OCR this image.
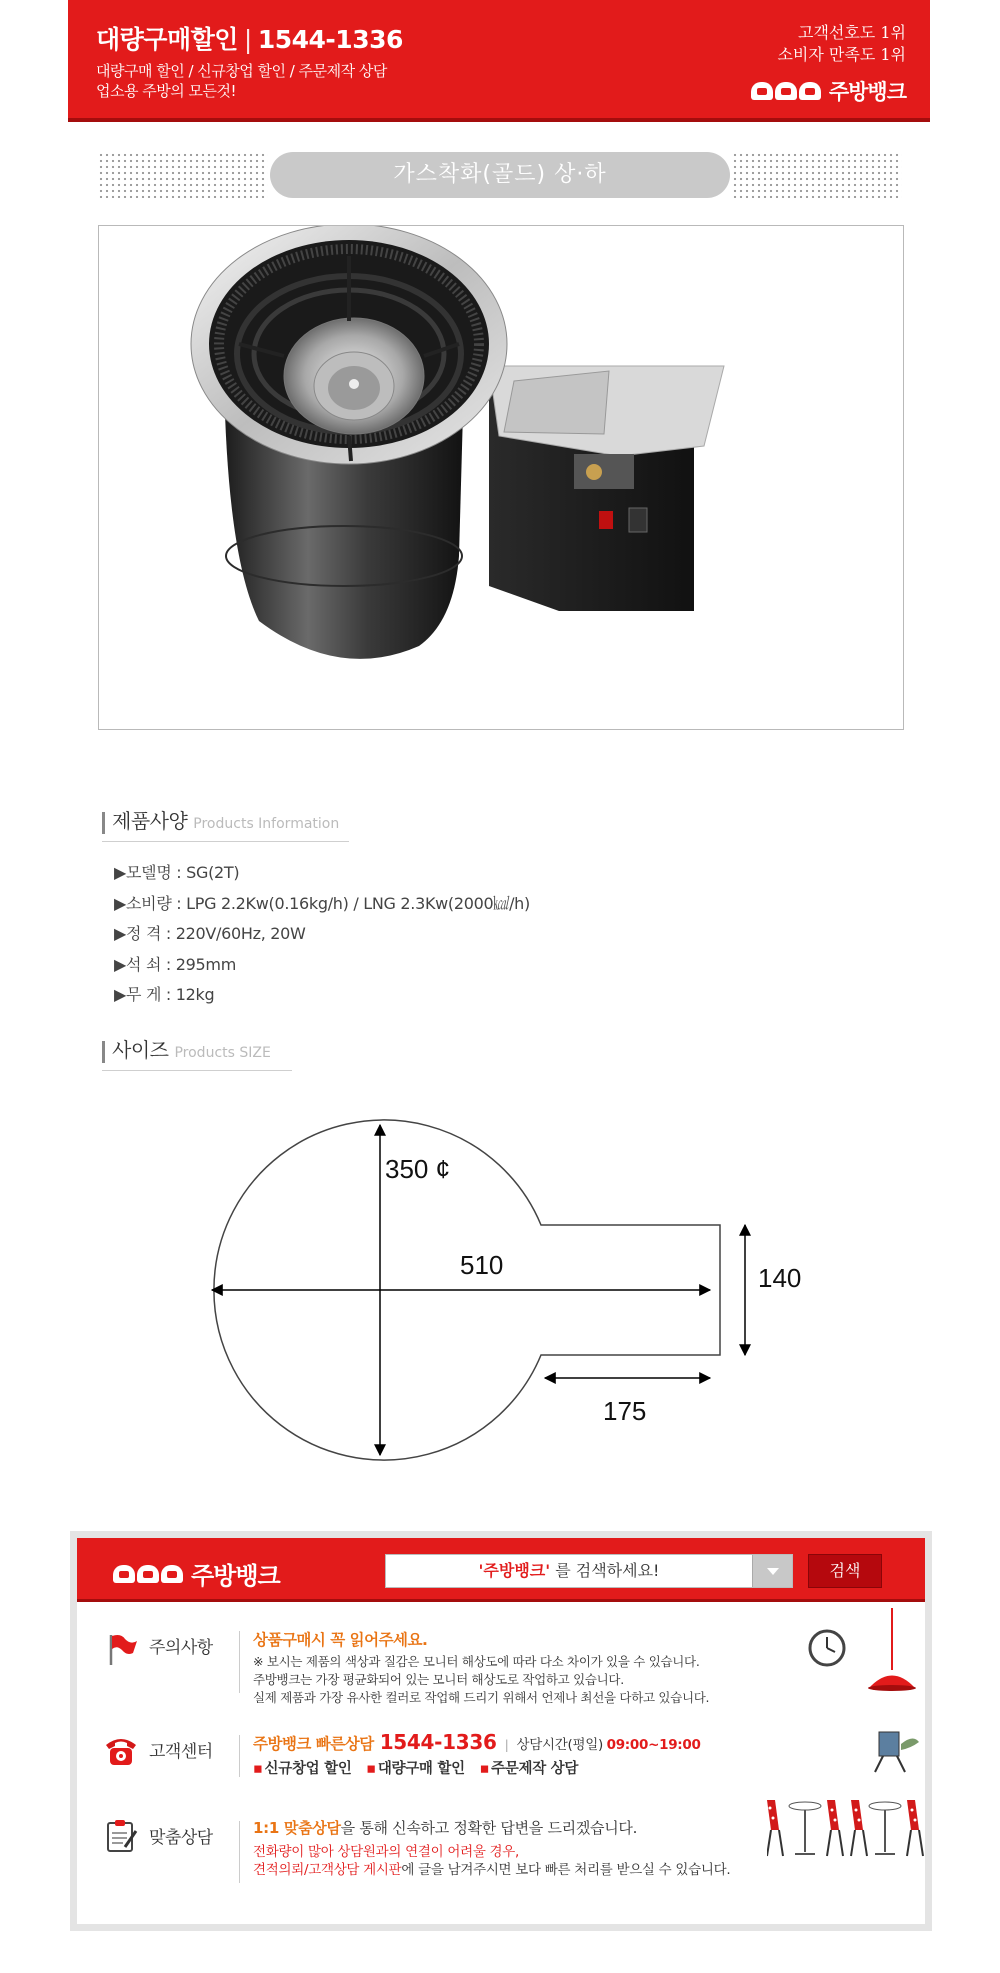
대량구매할인 | 1544-1336
대량구매 할인 / 신규창업 할인 / 주문제작 상담
업소용 주방의 모든것!
고객선호도 1위
소비자 만족도 1위
주방뱅크
가스착화(골드) 상·하
제품사양 Products Information
▶모델명 : SG(2T)
▶소비량 : LPG 2.2Kw(0.16kg/h) / LNG 2.3Kw(2000㎉/h)
▶정 격 : 220V/60Hz, 20W
▶석 쇠 : 295mm
▶무 게 : 12kg
사이즈 Products SIZE
350 ¢
510	140
175
주방뱅크	'주방뱅크' 를 검색하세요!	검색
주의사항	상품구매시 꼭 읽어주세요.
※ 보시는 제품의 색상과 질감은 모니터 해상도에 따라 다소 차이가 있을 수 있습니다.
주방뱅크는 가장 평균화되어 있는 모니터 해상도로 작업하고 있습니다.
실제 제품과 가장 유사한 컬러로 작업해 드리기 위해서 언제나 최선을 다하고 있습니다.
고객센터	주방뱅크 빠른상담 1544-1336 | 상담시간(평일) 09:00~19:00
▪ 신규창업 할인 ▪ 대량구매 할인 ▪ 주문제작 상담
맞춤상담	1:1 맞춤상담을 통해 신속하고 정확한 답변을 드리겠습니다.
전화량이 많아 상담원과의 연결이 어려울 경우,
견적의뢰/고객상담 게시판에 글을 남겨주시면 보다 빠른 처리를 받으실 수 있습니다.
